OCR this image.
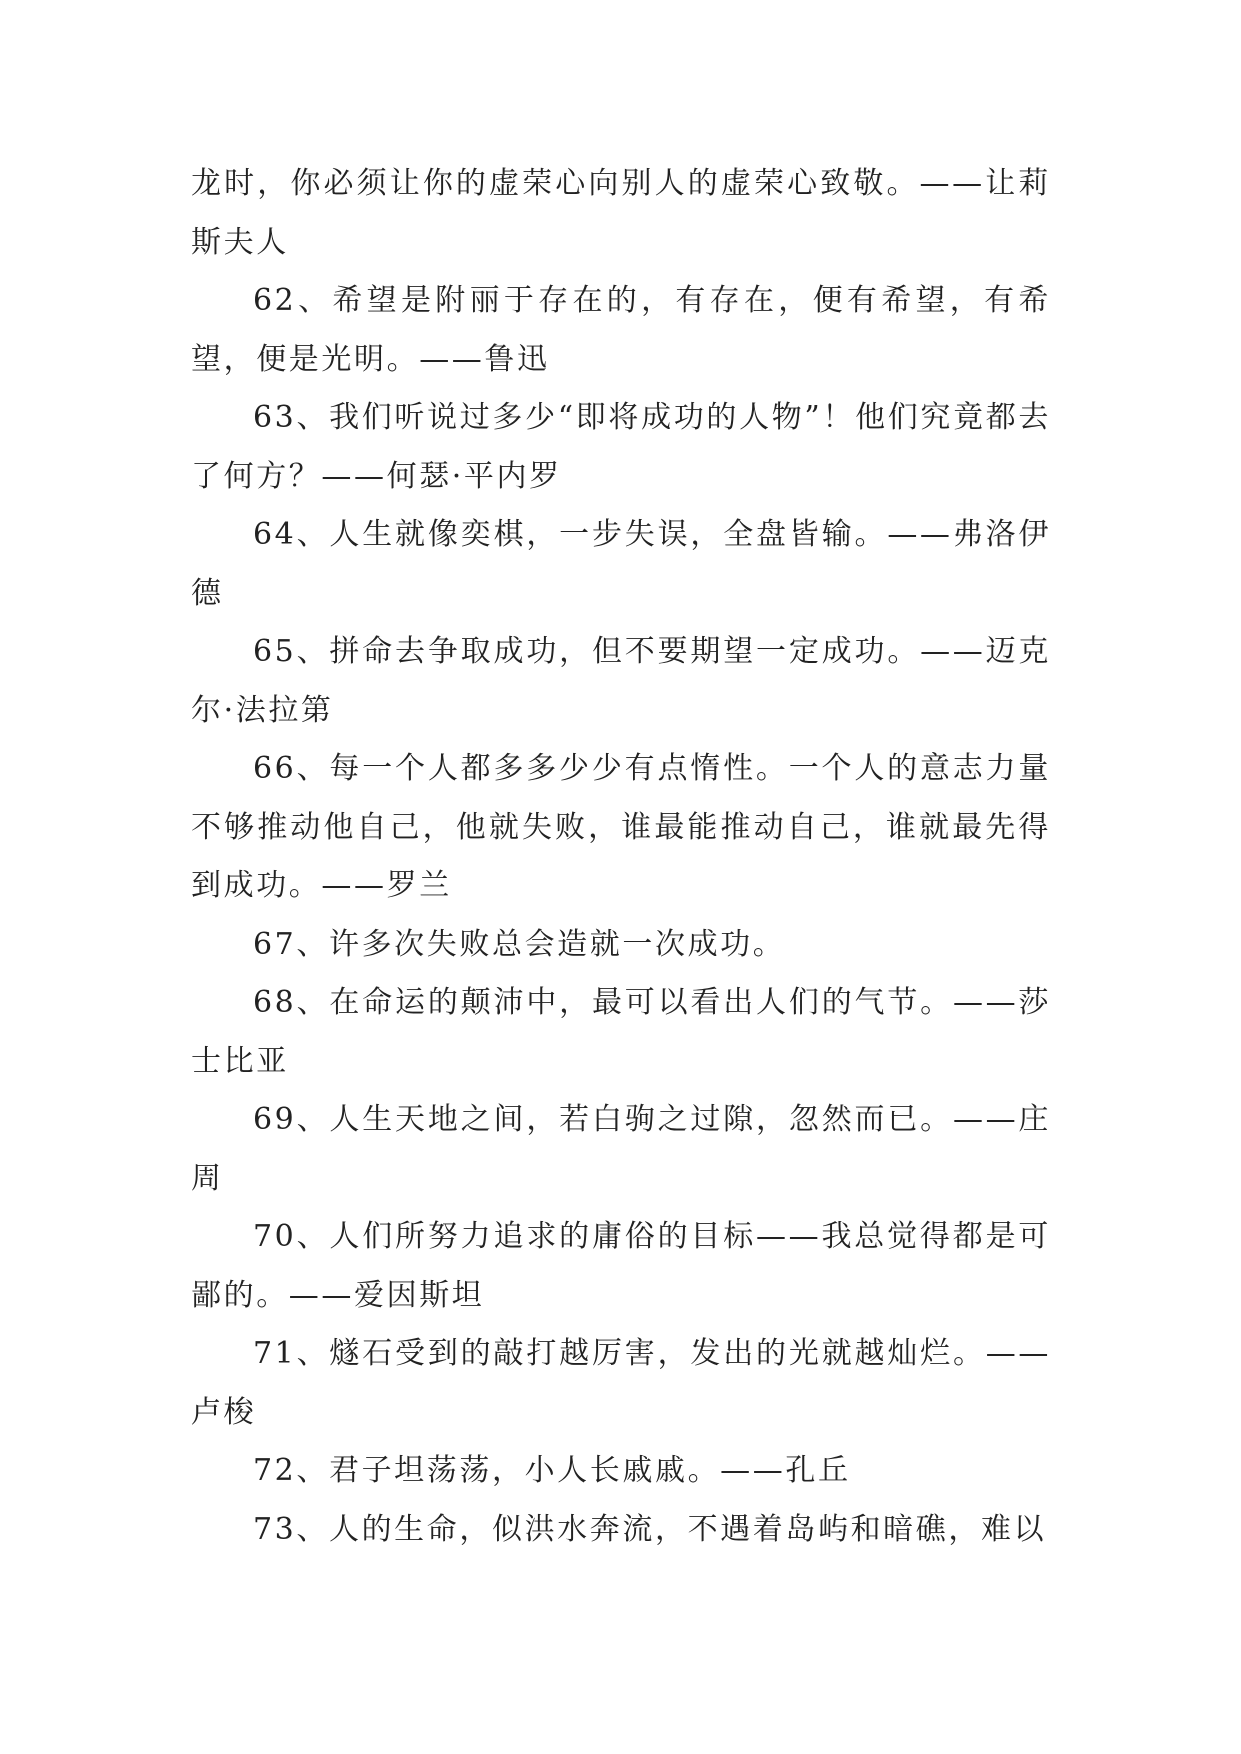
龙时，你必须让你的虚荣心向别人的虚荣心致敬。——让莉斯夫人

62、希望是附丽于存在的，有存在，便有希望，有希望，便是光明。——鲁迅

63、我们听说过多少“即将成功的人物”！他们究竟都去了何方？——何瑟·平内罗

64、人生就像奕棋，一步失误，全盘皆输。——弗洛伊德

65、拼命去争取成功，但不要期望一定成功。——迈克尔·法拉第

66、每一个人都多多少少有点惰性。一个人的意志力量不够推动他自己，他就失败，谁最能推动自己，谁就最先得到成功。——罗兰

67、许多次失败总会造就一次成功。

68、在命运的颠沛中，最可以看出人们的气节。——莎士比亚

69、人生天地之间，若白驹之过隙，忽然而已。——庄周

70、人们所努力追求的庸俗的目标——我总觉得都是可鄙的。——爱因斯坦

71、燧石受到的敲打越厉害，发出的光就越灿烂。——卢梭

72、君子坦荡荡，小人长戚戚。——孔丘

73、人的生命，似洪水奔流，不遇着岛屿和暗礁，难以
